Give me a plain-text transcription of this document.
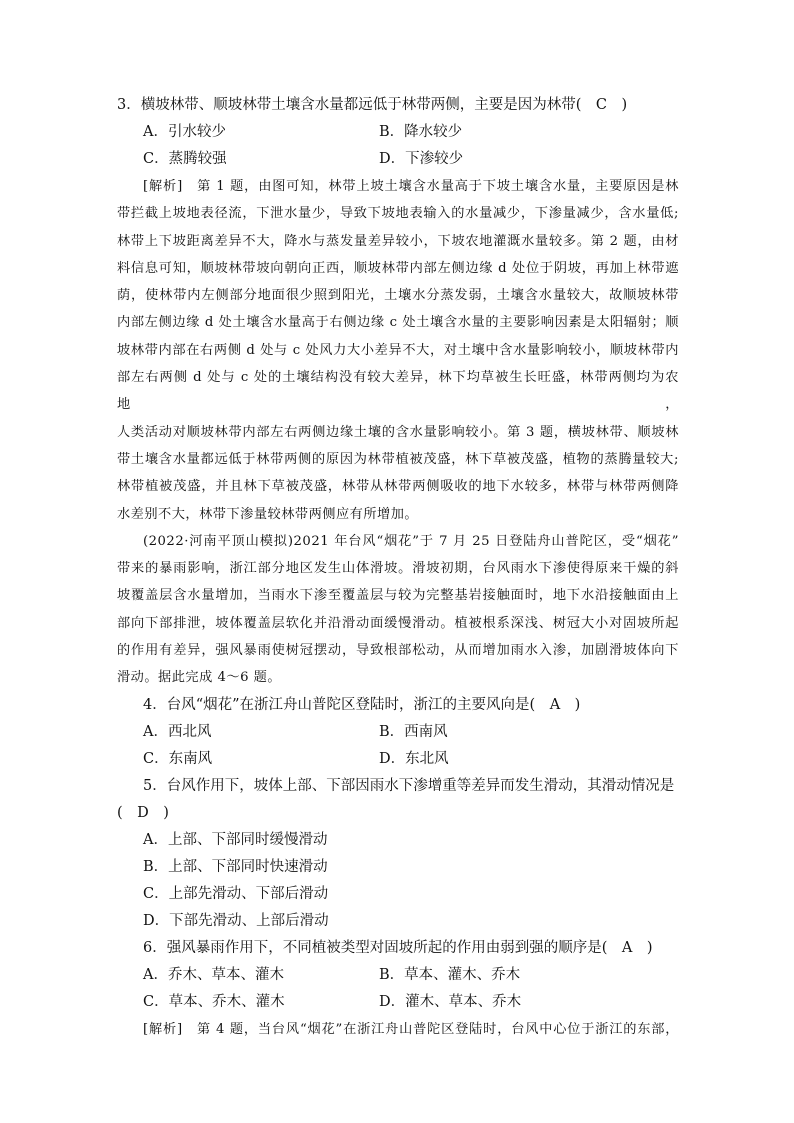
3．横坡林带、顺坡林带土壤含水量都远低于林带两侧，主要是因为林带(　C　)

A．引水较少	B．降水较少
C．蒸腾较强	D．下渗较少
[解析]　第 1 题，由图可知，林带上坡土壤含水量高于下坡土壤含水量，主要原因是林
带拦截上坡地表径流，下泄水量少，导致下坡地表输入的水量减少，下渗量减少，含水量低;
林带上下坡距离差异不大，降水与蒸发量差异较小，下坡农地灌溉水量较多。第 2 题，由材
料信息可知，顺坡林带坡向朝向正西，顺坡林带内部左侧边缘 d 处位于阴坡，再加上林带遮
荫，使林带内左侧部分地面很少照到阳光，土壤水分蒸发弱，土壤含水量较大，故顺坡林带
内部左侧边缘 d 处土壤含水量高于右侧边缘 c 处土壤含水量的主要影响因素是太阳辐射；顺
坡林带内部在右两侧 d 处与 c 处风力大小差异不大，对土壤中含水量影响较小，顺坡林带内
部左右两侧 d 处与 c 处的土壤结构没有较大差异，林下均草被生长旺盛，林带两侧均为农地，
人类活动对顺坡林带内部左右两侧边缘土壤的含水量影响较小。第 3 题，横坡林带、顺坡林
带土壤含水量都远低于林带两侧的原因为林带植被茂盛，林下草被茂盛，植物的蒸腾量较大;
林带植被茂盛，并且林下草被茂盛，林带从林带两侧吸收的地下水较多，林带与林带两侧降
水差别不大，林带下渗量较林带两侧应有所增加。
(2022·河南平顶山模拟)2021 年台风“烟花”于 7 月 25 日登陆舟山普陀区，受“烟花”
带来的暴雨影响，浙江部分地区发生山体滑坡。滑坡初期，台风雨水下渗使得原来干燥的斜
坡覆盖层含水量增加，当雨水下渗至覆盖层与较为完整基岩接触面时，地下水沿接触面由上
部向下部排泄，坡体覆盖层软化并沿滑动面缓慢滑动。植被根系深浅、树冠大小对固坡所起
的作用有差异，强风暴雨使树冠摆动，导致根部松动，从而增加雨水入渗，加剧滑坡体向下
滑动。据此完成 4～6 题。

4．台风“烟花”在浙江舟山普陀区登陆时，浙江的主要风向是(　A　)

A．西北风	B．西南风
C．东南风	D．东北风

5．台风作用下，坡体上部、下部因雨水下渗增重等差异而发生滑动，其滑动情况是

(　D　)

A．上部、下部同时缓慢滑动
B．上部、下部同时快速滑动
C．上部先滑动、下部后滑动
D．下部先滑动、上部后滑动

6．强风暴雨作用下，不同植被类型对固坡所起的作用由弱到强的顺序是(　A　)

A．乔木、草本、灌木	B．草本、灌木、乔木
C．草本、乔木、灌木	D．灌木、草本、乔木
[解析]　第 4 题，当台风“烟花”在浙江舟山普陀区登陆时，台风中心位于浙江的东部，
